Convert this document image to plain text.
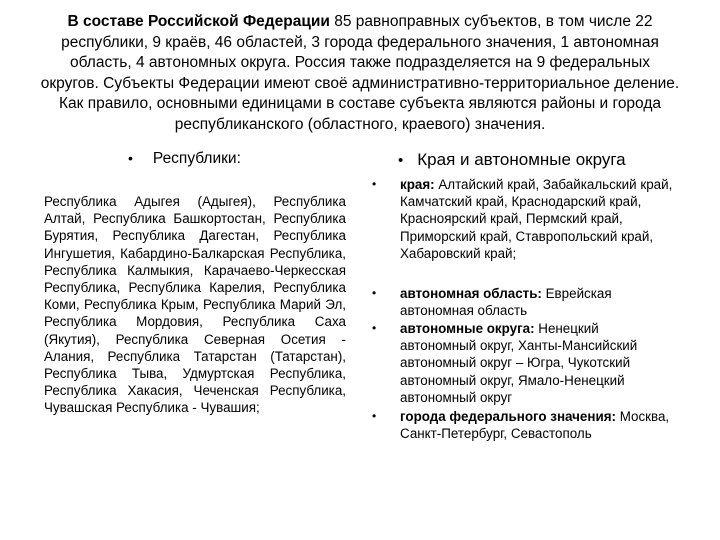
В составе Российской Федерации 85 равноправных субъектов, в том числе 22 республики, 9 краёв, 46 областей, 3 города федерального значения, 1 автономная область, 4 автономных округа. Россия также подразделяется на 9 федеральных округов. Субъекты Федерации имеют своё административно-территориальное деление. Как правило, основными единицами в составе субъекта являются районы и города республиканского (областного, краевого) значения.
• Республики:
Республика Адыгея (Адыгея), Республика Алтай, Республика Башкортостан, Республика Бурятия, Республика Дагестан, Республика Ингушетия, Кабардино-Балкарская Республика, Республика Калмыкия, Карачаево-Черкесская Республика, Республика Карелия, Республика Коми, Республика Крым, Республика Марий Эл, Республика Мордовия, Республика Саха (Якутия), Республика Северная Осетия - Алания, Республика Татарстан (Татарстан), Республика Тыва, Удмуртская Республика, Республика Хакасия, Чеченская Республика, Чувашская Республика - Чувашия;
• Края и автономные округа
• края: Алтайский край, Забайкальский край, Камчатский край, Краснодарский край, Красноярский край, Пермский край, Приморский край, Ставропольский край, Хабаровский край;
• автономная область: Еврейская автономная область
• автономные округа: Ненецкий автономный округ, Ханты-Мансийский автономный округ – Югра, Чукотский автономный округ, Ямало-Ненецкий автономный округ
• города федерального значения: Москва, Санкт-Петербург, Севастополь
